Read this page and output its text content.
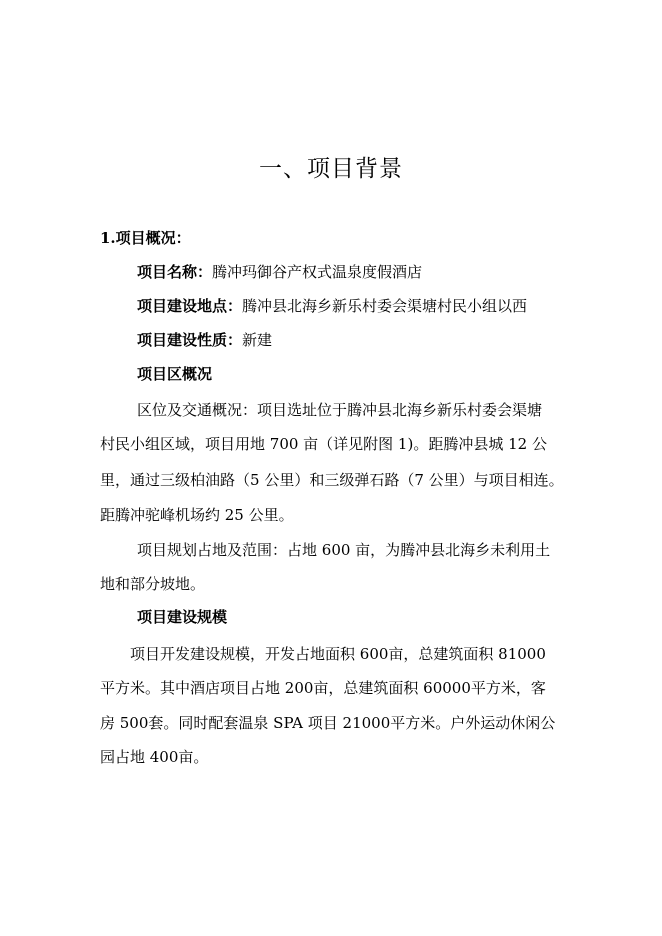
一、项目背景
1.项目概况：
项目名称：腾冲玛御谷产权式温泉度假酒店
项目建设地点：腾冲县北海乡新乐村委会渠塘村民小组以西
项目建设性质：新建
项目区概况
区位及交通概况：项目选址位于腾冲县北海乡新乐村委会渠塘
村民小组区域，项目用地 700 亩（详见附图 1)。距腾冲县城 12 公
里，通过三级柏油路（5 公里）和三级弹石路（7 公里）与项目相连。
距腾冲驼峰机场约 25 公里。
项目规划占地及范围：占地 600 亩，为腾冲县北海乡未利用土
地和部分坡地。
项目建设规模
项目开发建设规模，开发占地面积 600亩，总建筑面积 81000
平方米。其中酒店项目占地 200亩，总建筑面积 60000平方米，客
房 500套。同时配套温泉 SPA 项目 21000平方米。户外运动休闲公
园占地 400亩。
